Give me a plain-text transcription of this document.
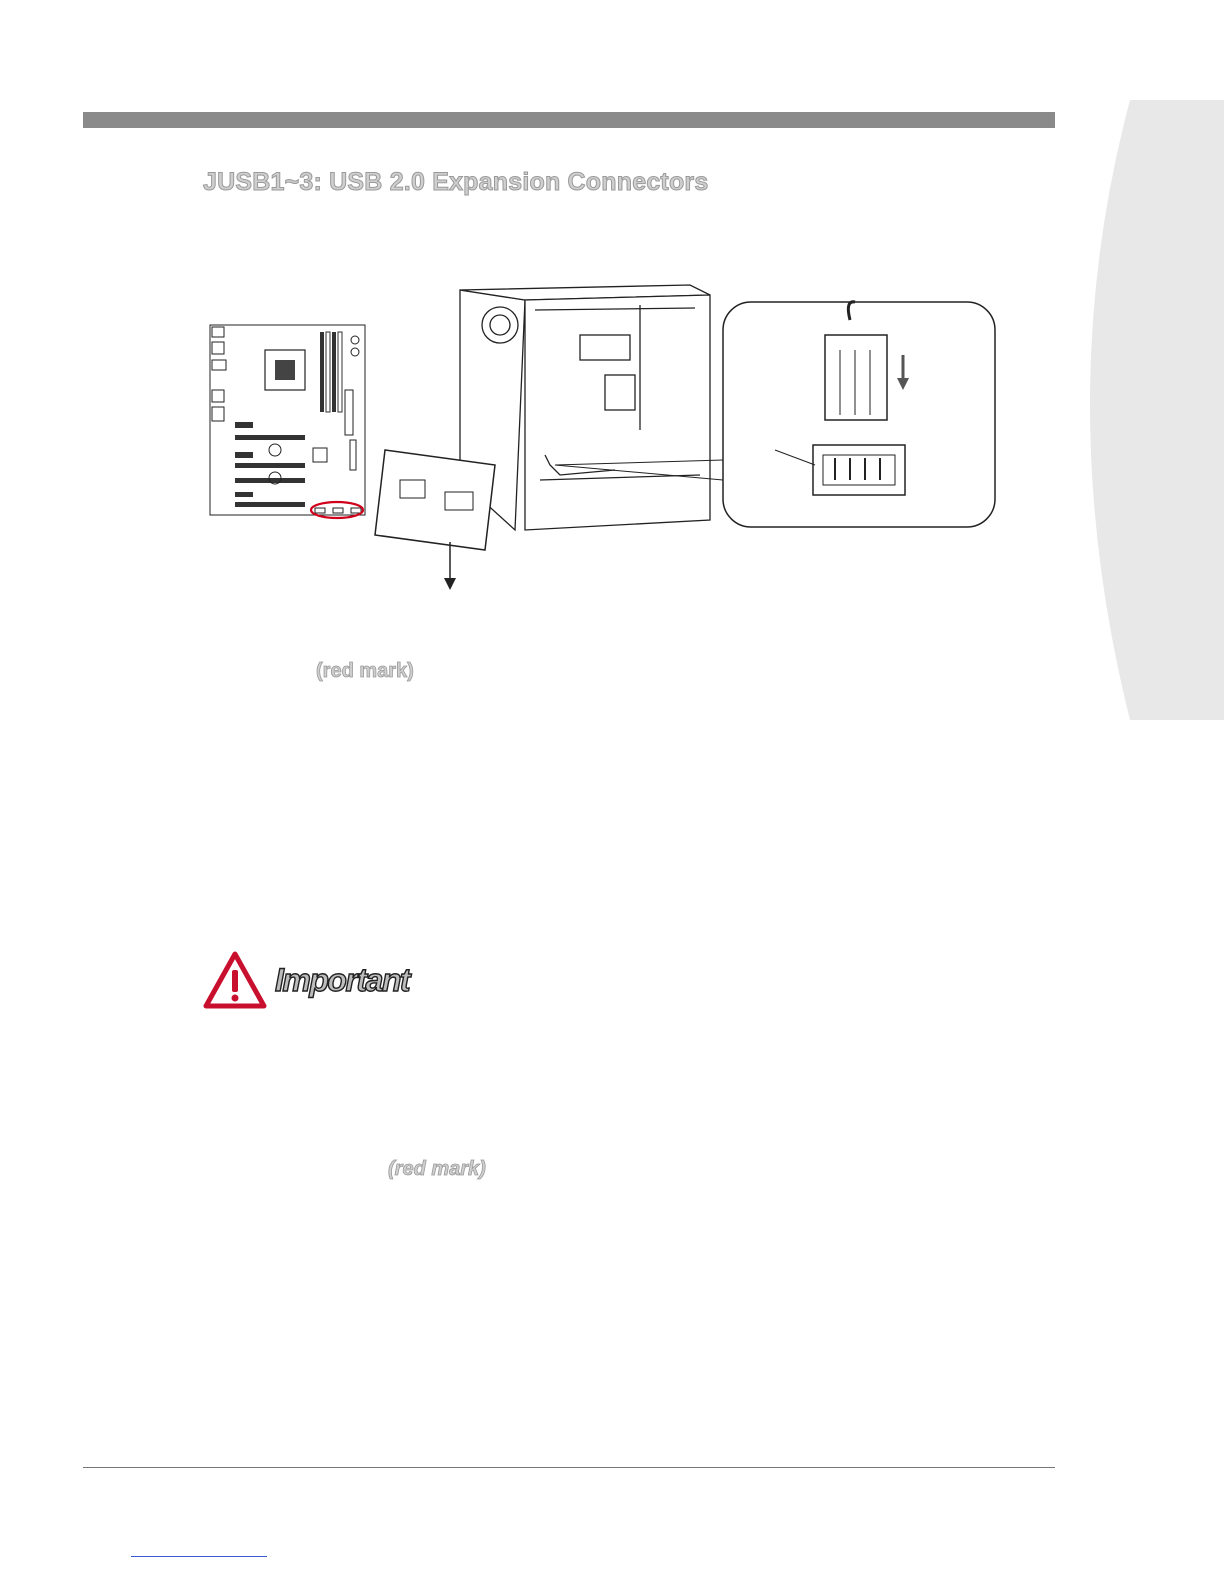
JUSB1~3: USB 2.0 Expansion Connectors
(red mark)
Important
(red mark)
